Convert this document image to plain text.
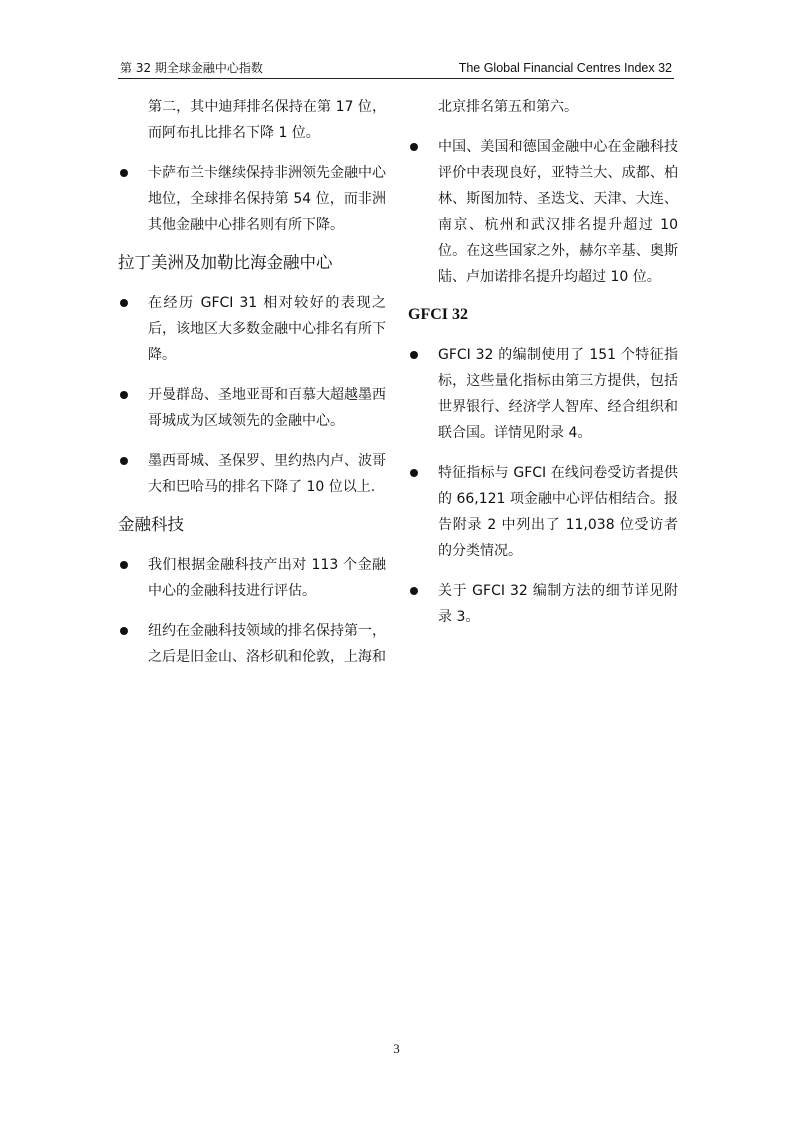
第 32 期全球金融中心指数	The Global Financial Centres Index 32
第二，其中迪拜排名保持在第 17 位，而阿布扎比排名下降 1 位。
卡萨布兰卡继续保持非洲领先金融中心地位，全球排名保持第 54 位，而非洲其他金融中心排名则有所下降。
拉丁美洲及加勒比海金融中心
在经历 GFCI 31 相对较好的表现之后，该地区大多数金融中心排名有所下降。
开曼群岛、圣地亚哥和百慕大超越墨西哥城成为区域领先的金融中心。
墨西哥城、圣保罗、里约热内卢、波哥大和巴哈马的排名下降了 10 位以上.
金融科技
我们根据金融科技产出对 113 个金融中心的金融科技进行评估。
纽约在金融科技领域的排名保持第一，之后是旧金山、洛杉矶和伦敦，上海和
北京排名第五和第六。
中国、美国和德国金融中心在金融科技评价中表现良好，亚特兰大、成都、柏林、斯图加特、圣迭戈、天津、大连、南京、杭州和武汉排名提升超过 10 位。在这些国家之外，赫尔辛基、奥斯陆、卢加诺排名提升均超过 10 位。
GFCI 32
GFCI 32 的编制使用了 151 个特征指标，这些量化指标由第三方提供，包括世界银行、经济学人智库、经合组织和联合国。详情见附录 4。
特征指标与 GFCI 在线问卷受访者提供的 66,121 项金融中心评估相结合。报告附录 2 中列出了 11,038 位受访者的分类情况。
关于 GFCI 32 编制方法的细节详见附录 3。
3
